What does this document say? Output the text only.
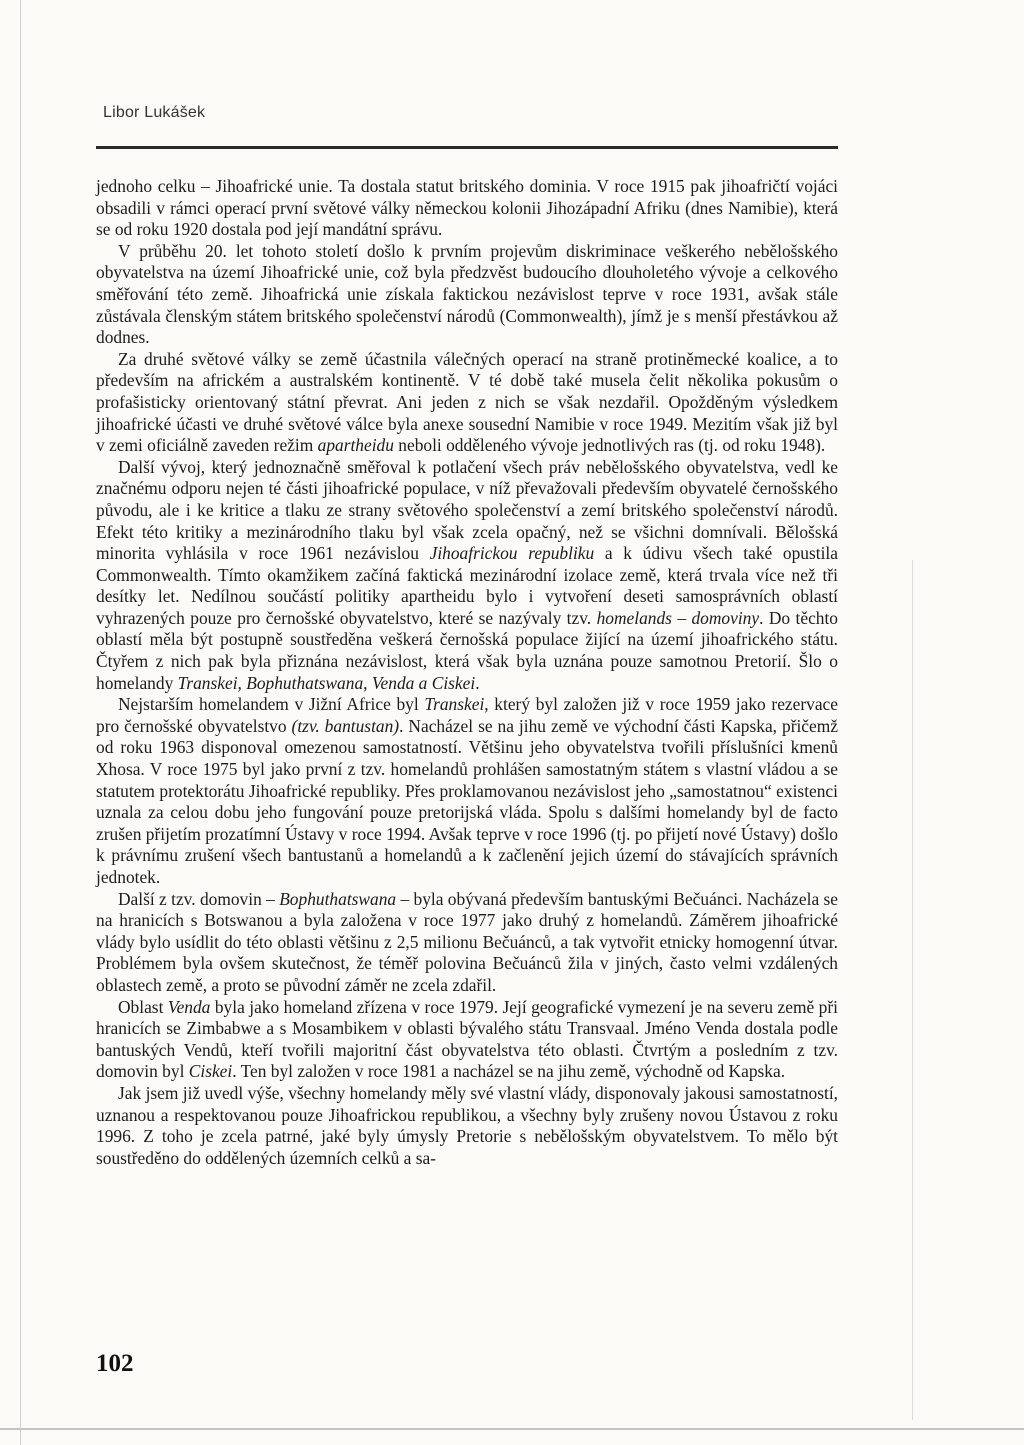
Libor Lukášek

jednoho celku – Jihoafrické unie. Ta dostala statut britského dominia. V roce 1915 pak jihoafričtí vojáci obsadili v rámci operací první světové války německou kolonii Jihozápadní Afriku (dnes Namibie), která se od roku 1920 dostala pod její mandátní správu.

V průběhu 20. let tohoto století došlo k prvním projevům diskriminace veškerého nebělošského obyvatelstva na území Jihoafrické unie, což byla předzvěst budoucího dlouholetého vývoje a celkového směřování této země. Jihoafrická unie získala faktickou nezávislost teprve v roce 1931, avšak stále zůstávala členským státem britského společenství národů (Commonwealth), jímž je s menší přestávkou až dodnes.

Za druhé světové války se země účastnila válečných operací na straně protiněmecké koalice, a to především na africkém a australském kontinentě. V té době také musela čelit několika pokusům o profašisticky orientovaný státní převrat. Ani jeden z nich se však nezdařil. Opožděným výsledkem jihoafrické účasti ve druhé světové válce byla anexe sousední Namibie v roce 1949. Mezitím však již byl v zemi oficiálně zaveden režim apartheidu neboli odděleného vývoje jednotlivých ras (tj. od roku 1948).

Další vývoj, který jednoznačně směřoval k potlačení všech práv nebělošského obyvatelstva, vedl ke značnému odporu nejen té části jihoafrické populace, v níž převažovali především obyvatelé černošského původu, ale i ke kritice a tlaku ze strany světového společenství a zemí britského společenství národů. Efekt této kritiky a mezinárodního tlaku byl však zcela opačný, než se všichni domnívali. Bělošská minorita vyhlásila v roce 1961 nezávislou Jihoafrickou republiku a k údivu všech také opustila Commonwealth. Tímto okamžikem začíná faktická mezinárodní izolace země, která trvala více než tři desítky let. Nedílnou součástí politiky apartheidu bylo i vytvoření deseti samosprávních oblastí vyhrazených pouze pro černošské obyvatelstvo, které se nazývaly tzv. homelands – domoviny. Do těchto oblastí měla být postupně soustředěna veškerá černošská populace žijící na území jihoafrického státu. Čtyřem z nich pak byla přiznána nezávislost, která však byla uznána pouze samotnou Pretorií. Šlo o homelandy Transkei, Bophuthatswana, Venda a Ciskei.

Nejstarším homelandem v Jižní Africe byl Transkei, který byl založen již v roce 1959 jako rezervace pro černošské obyvatelstvo (tzv. bantustan). Nacházel se na jihu země ve východní části Kapska, přičemž od roku 1963 disponoval omezenou samostatností. Většinu jeho obyvatelstva tvořili příslušníci kmenů Xhosa. V roce 1975 byl jako první z tzv. homelandů prohlášen samostatným státem s vlastní vládou a se statutem protektorátu Jihoafrické republiky. Přes proklamovanou nezávislost jeho „samostatnou“ existenci uznala za celou dobu jeho fungování pouze pretorijská vláda. Spolu s dalšími homelandy byl de facto zrušen přijetím prozatímní Ústavy v roce 1994. Avšak teprve v roce 1996 (tj. po přijetí nové Ústavy) došlo k právnímu zrušení všech bantustanů a homelandů a k začlenění jejich území do stávajících správních jednotek.

Další z tzv. domovin – Bophuthatswana – byla obývaná především bantuskými Bečuánci. Nacházela se na hranicích s Botswanou a byla založena v roce 1977 jako druhý z homelandů. Záměrem jihoafrické vlády bylo usídlit do této oblasti většinu z 2,5 milionu Bečuánců, a tak vytvořit etnicky homogenní útvar. Problémem byla ovšem skutečnost, že téměř polovina Bečuánců žila v jiných, často velmi vzdálených oblastech země, a proto se původní záměr ne zcela zdařil.

Oblast Venda byla jako homeland zřízena v roce 1979. Její geografické vymezení je na severu země při hranicích se Zimbabwe a s Mosambikem v oblasti bývalého státu Transvaal. Jméno Venda dostala podle bantuských Vendů, kteří tvořili majoritní část obyvatelstva této oblasti. Čtvrtým a posledním z tzv. domovin byl Ciskei. Ten byl založen v roce 1981 a nacházel se na jihu země, východně od Kapska.

Jak jsem již uvedl výše, všechny homelandy měly své vlastní vlády, disponovaly jakousi samostatností, uznanou a respektovanou pouze Jihoafrickou republikou, a všechny byly zrušeny novou Ústavou z roku 1996. Z toho je zcela patrné, jaké byly úmysly Pretorie s nebělošským obyvatelstvem. To mělo být soustředěno do oddělených územních celků a sa-

102
